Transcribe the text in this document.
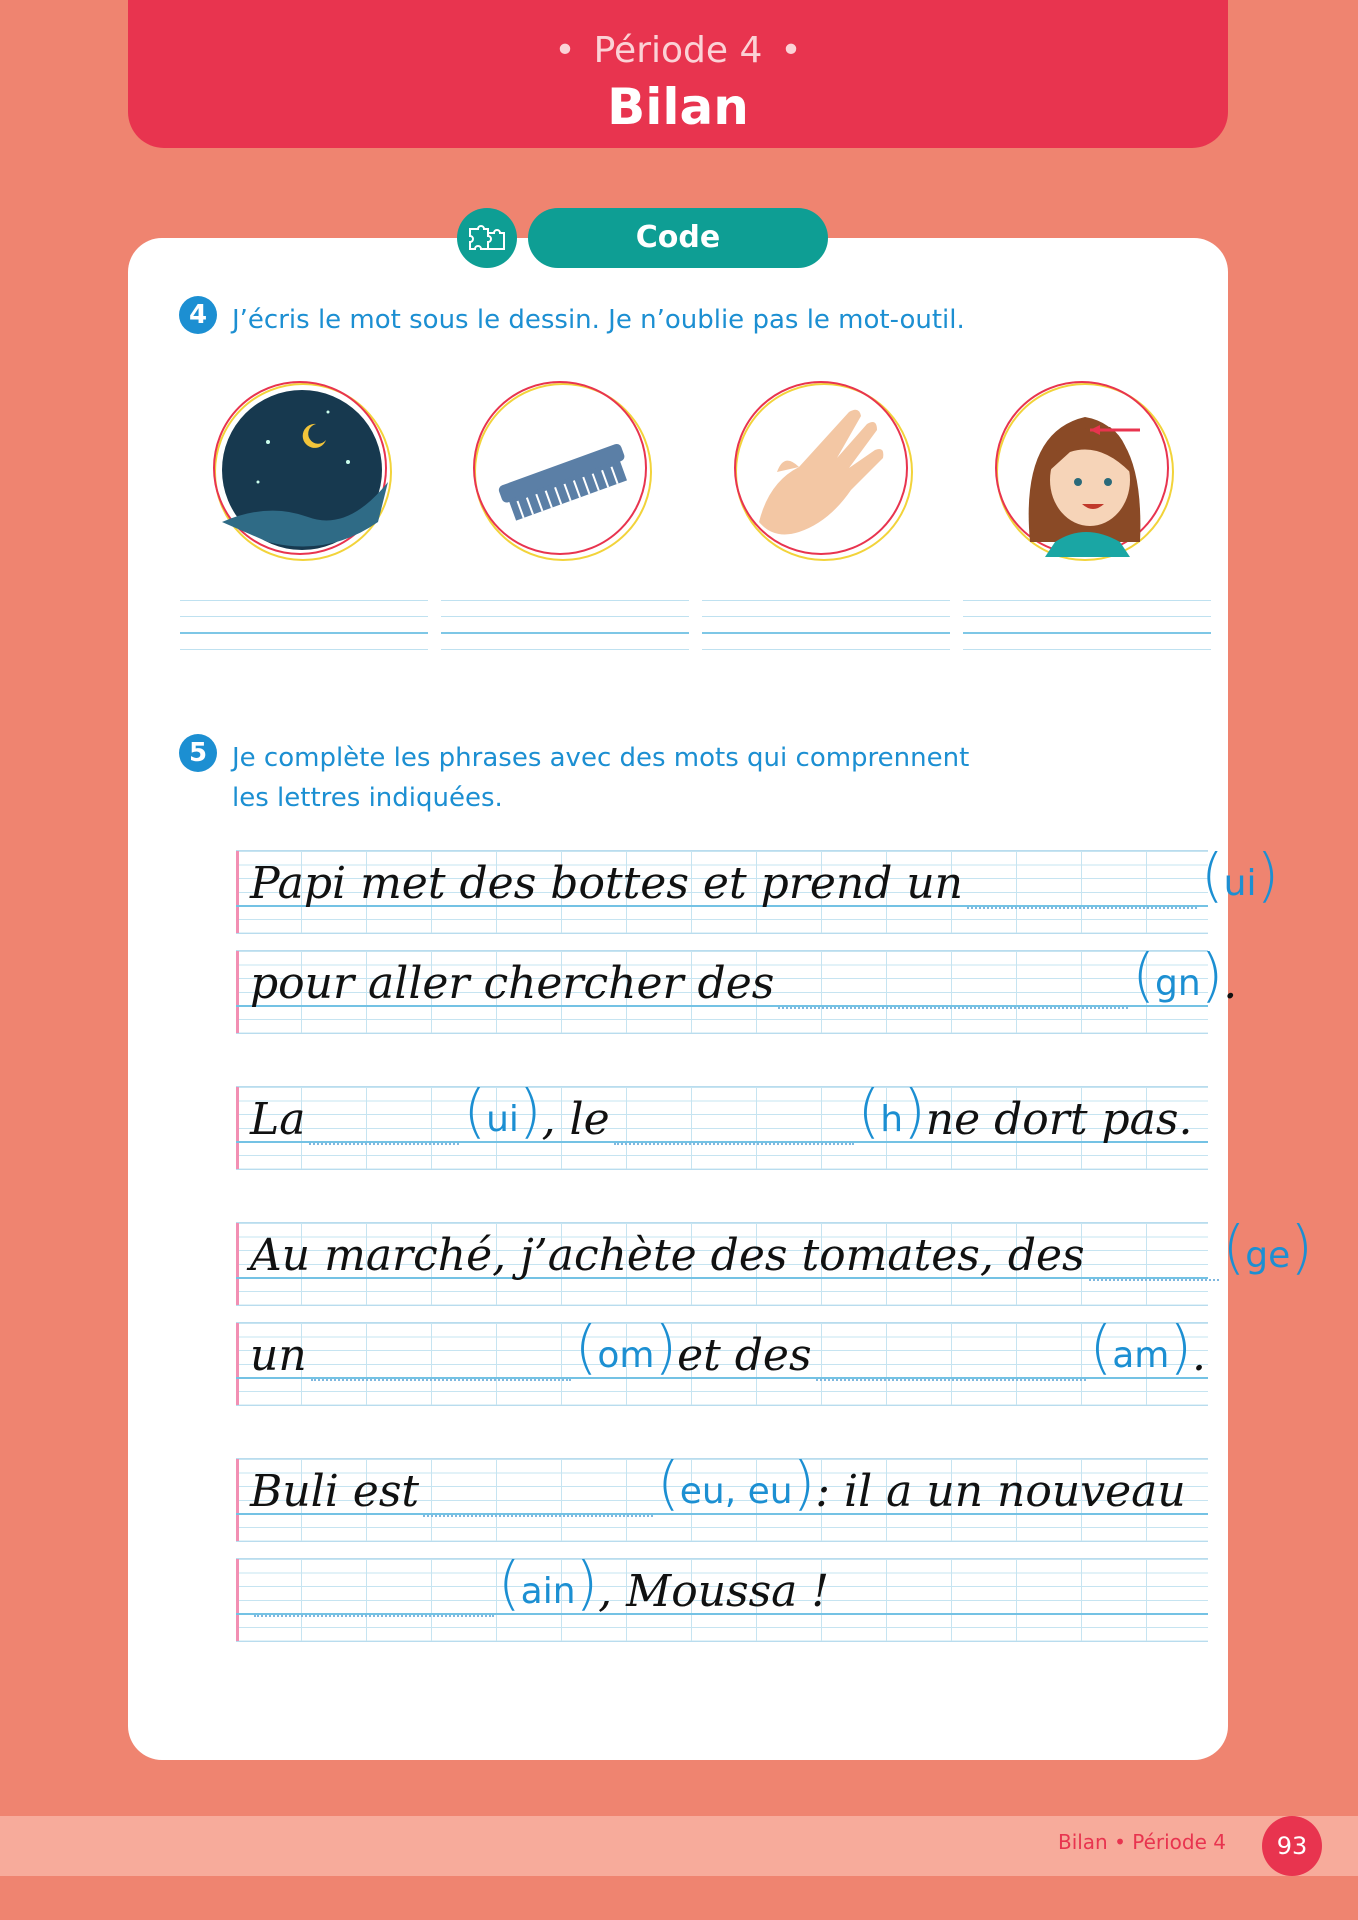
• Période 4 •
Bilan
Code
4 J’écris le mot sous le dessin. Je n’oublie pas le mot-outil.
5 Je complète les phrases avec des mots qui comprennent
les lettres indiquées.
Papi met des bottes et prend un	(ui)
pour aller chercher des	(gn) .
La	(ui) , le	(h) ne dort pas.
Au marché, j’achète des tomates, des (ge)
un	(om) et des	(am) .
Buli est	(eu, eu) : il a un nouveau
(ain) , Moussa !
Bilan • Période 4	93
